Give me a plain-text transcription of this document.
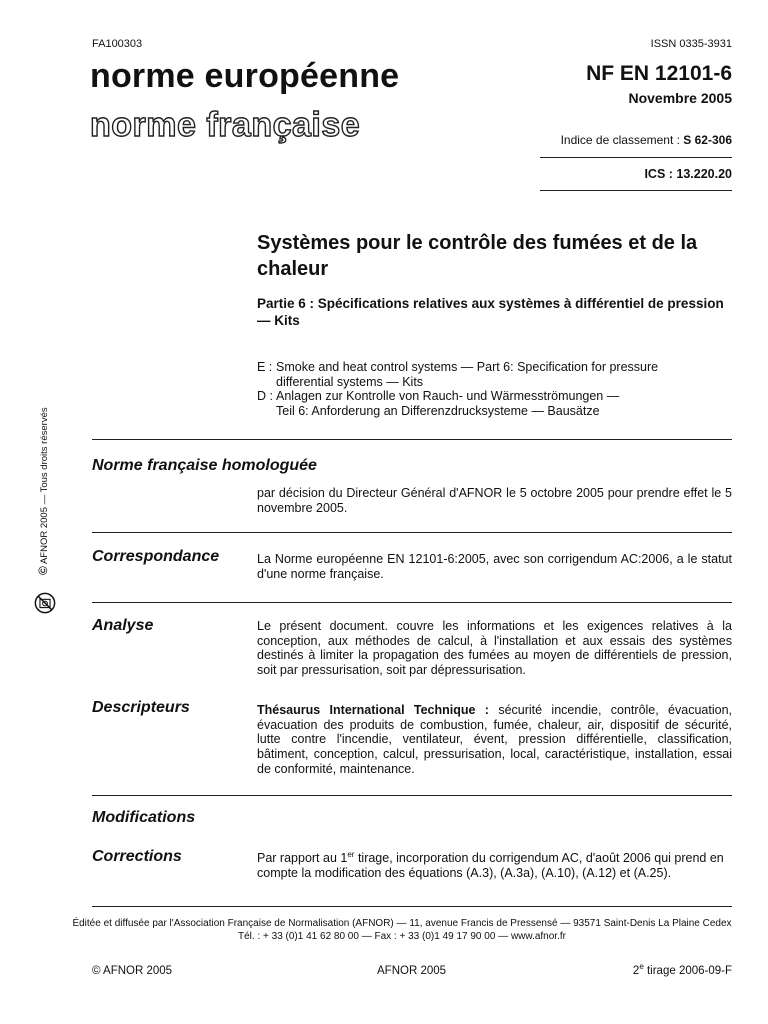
FA100303	ISSN 0335-3931
norme européenne
norme française
NF EN 12101-6
Novembre 2005
Indice de classement : S 62-306
ICS : 13.220.20
Systèmes pour le contrôle des fumées et de la chaleur
Partie 6 : Spécifications relatives aux systèmes à différentiel de pression — Kits
E : Smoke and heat control systems — Part 6: Specification for pressure
differential systems — Kits
D : Anlagen zur Kontrolle von Rauch- und Wärmesströmungen —
Teil 6: Anforderung an Differenzdrucksysteme — Bausätze
Norme française homologuée
par décision du Directeur Général d'AFNOR le 5 octobre 2005 pour prendre effet le 5 novembre 2005.
Correspondance	La Norme européenne EN 12101-6:2005, avec son corrigendum AC:2006, a le statut d'une norme française.
Analyse	Le présent document. couvre les informations et les exigences relatives à la conception, aux méthodes de calcul, à l'installation et aux essais des systèmes destinés à limiter la propagation des fumées au moyen de différentiels de pression, soit par pressurisation, soit par dépressurisation.
Descripteurs	Thésaurus International Technique : sécurité incendie, contrôle, évacuation, évacuation des produits de combustion, fumée, chaleur, air, dispositif de sécurité, lutte contre l'incendie, ventilateur, évent, pression différentielle, classification, bâtiment, conception, calcul, pressurisation, local, caractéristique, installation, essai de conformité, maintenance.
Modifications
Corrections	Par rapport au 1er tirage, incorporation du corrigendum AC, d'août 2006 qui prend en compte la modification des équations (A.3), (A.3a), (A.10), (A.12) et (A.25).
© AFNOR 2005 — Tous droits réservés
Éditée et diffusée par l'Association Française de Normalisation (AFNOR) — 11, avenue Francis de Pressensé — 93571 Saint-Denis La Plaine Cedex
Tél. : + 33 (0)1 41 62 80 00 — Fax : + 33 (0)1 49 17 90 00 — www.afnor.fr
© AFNOR 2005	AFNOR 2005	2e tirage 2006-09-F
